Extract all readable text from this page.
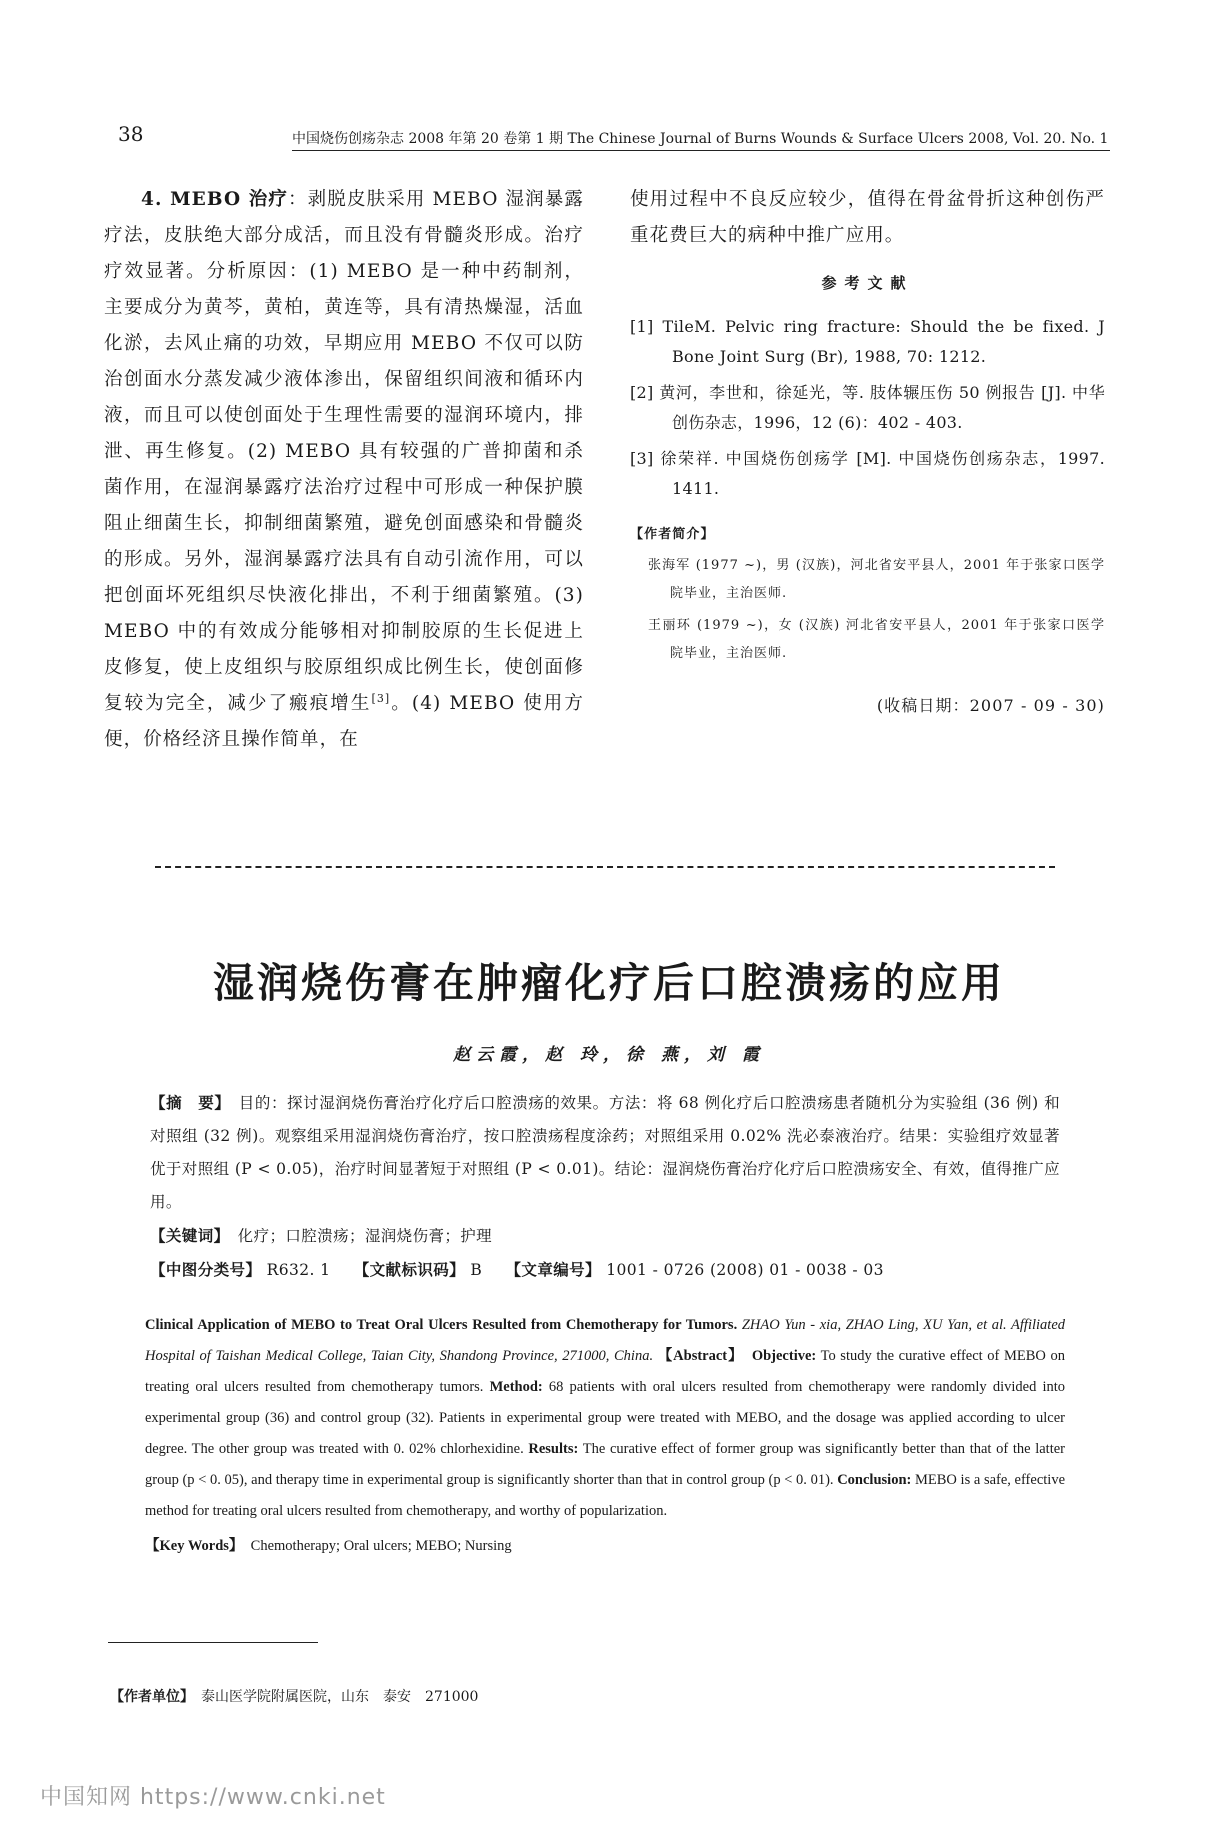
38	中国烧伤创疡杂志 2008 年第 20 卷第 1 期 The Chinese Journal of Burns Wounds & Surface Ulcers 2008, Vol. 20. No. 1
4. MEBO 治疗：剥脱皮肤采用 MEBO 湿润暴露疗法，皮肤绝大部分成活，而且没有骨髓炎形成。治疗疗效显著。分析原因：(1) MEBO 是一种中药制剂，主要成分为黄芩，黄柏，黄连等，具有清热燥湿，活血化淤，去风止痛的功效，早期应用 MEBO 不仅可以防治创面水分蒸发减少液体渗出，保留组织间液和循环内液，而且可以使创面处于生理性需要的湿润环境内，排泄、再生修复。(2) MEBO 具有较强的广普抑菌和杀菌作用，在湿润暴露疗法治疗过程中可形成一种保护膜阻止细菌生长，抑制细菌繁殖，避免创面感染和骨髓炎的形成。另外，湿润暴露疗法具有自动引流作用，可以把创面坏死组织尽快液化排出，不利于细菌繁殖。(3) MEBO 中的有效成分能够相对抑制胶原的生长促进上皮修复，使上皮组织与胶原组织成比例生长，使创面修复较为完全，减少了瘢痕增生[3]。(4) MEBO 使用方便，价格经济且操作简单，在
使用过程中不良反应较少，值得在骨盆骨折这种创伤严重花费巨大的病种中推广应用。
参考文献
[1] TileM. Pelvic ring fracture: Should the be fixed. J Bone Joint Surg (Br), 1988, 70: 1212.
[2] 黄河，李世和，徐延光，等. 肢体辗压伤 50 例报告 [J]. 中华创伤杂志，1996，12 (6)：402 - 403.
[3] 徐荣祥. 中国烧伤创疡学 [M]. 中国烧伤创疡杂志，1997. 1411.
【作者简介】
张海军 (1977 ~)，男 (汉族)，河北省安平县人，2001 年于张家口医学院毕业，主治医师.
王丽环 (1979 ~)，女 (汉族) 河北省安平县人，2001 年于张家口医学院毕业，主治医师.
(收稿日期：2007 - 09 - 30)
湿润烧伤膏在肿瘤化疗后口腔溃疡的应用
赵云霞，赵 玲，徐 燕，刘 霞
【摘　要】　 目的：探讨湿润烧伤膏治疗化疗后口腔溃疡的效果。方法：将 68 例化疗后口腔溃疡患者随机分为实验组 (36 例) 和对照组 (32 例)。观察组采用湿润烧伤膏治疗，按口腔溃疡程度涂药；对照组采用 0.02% 洗必泰液治疗。结果：实验组疗效显著优于对照组 (P < 0.05)，治疗时间显著短于对照组 (P < 0.01)。结论：湿润烧伤膏治疗化疗后口腔溃疡安全、有效，值得推广应用。
【关键词】　 化疗；口腔溃疡；湿润烧伤膏；护理
【中图分类号】 R632. 1 【文献标识码】 B 【文章编号】 1001 - 0726 (2008) 01 - 0038 - 03
Clinical Application of MEBO to Treat Oral Ulcers Resulted from Chemotherapy for Tumors. ZHAO Yun - xia, ZHAO Ling, XU Yan, et al. Affiliated Hospital of Taishan Medical College, Taian City, Shandong Province, 271000, China. 【Abstract】　 Objective: To study the curative effect of MEBO on treating oral ulcers resulted from chemotherapy tumors. Method: 68 patients with oral ulcers resulted from chemotherapy were randomly divided into experimental group (36) and control group (32). Patients in experimental group were treated with MEBO, and the dosage was applied according to ulcer degree. The other group was treated with 0. 02% chlorhexidine. Results: The curative effect of former group was significantly better than that of the latter group (p < 0. 05), and therapy time in experimental group is significantly shorter than that in control group (p < 0. 01). Conclusion: MEBO is a safe, effective method for treating oral ulcers resulted from chemotherapy, and worthy of popularization.
【Key Words】　 Chemotherapy; Oral ulcers; MEBO; Nursing
【作者单位】　 泰山医学院附属医院，山东　泰安　271000
中国知网 https://www.cnki.net
